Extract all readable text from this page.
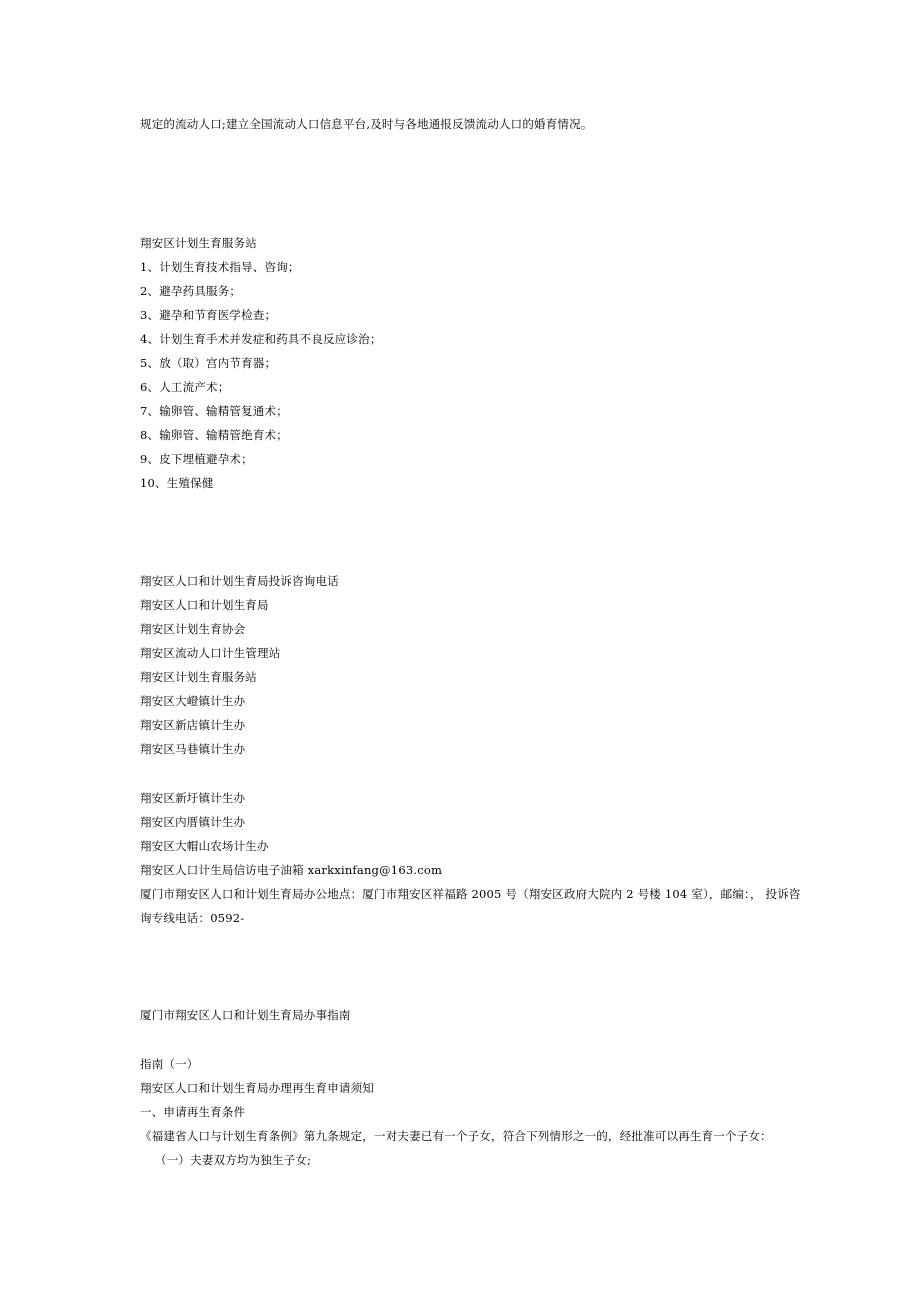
规定的流动人口;建立全国流动人口信息平台,及时与各地通报反馈流动人口的婚育情况。
翔安区计划生育服务站
1、计划生育技术指导、咨询；
2、避孕药具服务；
3、避孕和节育医学检查；
4、计划生育手术并发症和药具不良反应诊治；
5、放（取）宫内节育器；
6、人工流产术；
7、输卵管、输精管复通术；
8、输卵管、输精管绝育术；
9、皮下埋植避孕术；
10、生殖保健
翔安区人口和计划生育局投诉咨询电话
翔安区人口和计划生育局
翔安区计划生育协会
翔安区流动人口计生管理站
翔安区计划生育服务站
翔安区大嶝镇计生办
翔安区新店镇计生办
翔安区马巷镇计生办
翔安区新圩镇计生办
翔安区内厝镇计生办
翔安区大帽山农场计生办
翔安区人口计生局信访电子油箱 xarkxinfang@163.com
厦门市翔安区人口和计划生育局办公地点：厦门市翔安区祥福路 2005 号（翔安区政府大院内 2 号楼 104 室），邮编：， 投诉咨
询专线电话：0592-
厦门市翔安区人口和计划生育局办事指南
指南（一）
翔安区人口和计划生育局办理再生育申请须知
一、申请再生育条件
《福建省人口与计划生育条例》第九条规定，一对夫妻已有一个子女，符合下列情形之一的，经批准可以再生育一个子女：
（一）夫妻双方均为独生子女;
